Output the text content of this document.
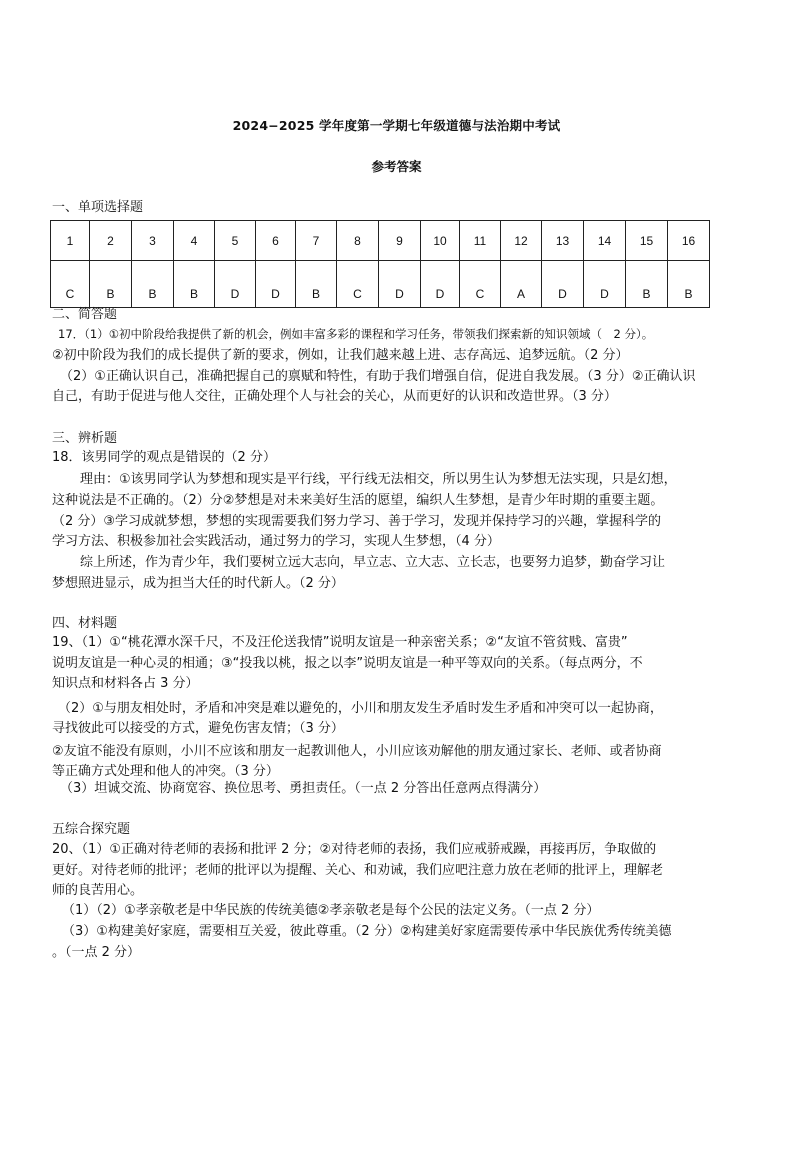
2024−2025 学年度第一学期七年级道德与法治期中考试
参考答案
一、单项选择题
1	2	3	4	5	6	7	8	9	10	11	12	13	14	15	16
C	B	B	B	D	D	B	C	D	D	C	A	D	D	B	B
二、简答题
17．（1）①初中阶段给我提供了新的机会，例如丰富多彩的课程和学习任务，带领我们探索新的知识领域（　2 分）。
②初中阶段为我们的成长提供了新的要求，例如，让我们越来越上进、志存高远、追梦远航。（2 分）
（2）①正确认识自己，准确把握自己的禀赋和特性，有助于我们增强自信，促进自我发展。（3 分）②正确认识
自己，有助于促进与他人交往，正确处理个人与社会的关心，从而更好的认识和改造世界。（3 分）
三、辨析题
18．该男同学的观点是错误的（2 分）
理由：①该男同学认为梦想和现实是平行线，平行线无法相交，所以男生认为梦想无法实现，只是幻想，
这种说法是不正确的。（2）分②梦想是对未来美好生活的愿望，编织人生梦想，是青少年时期的重要主题。
（2 分）③学习成就梦想，梦想的实现需要我们努力学习、善于学习，发现并保持学习的兴趣，掌握科学的
学习方法、积极参加社会实践活动，通过努力的学习，实现人生梦想，（4 分）
综上所述，作为青少年，我们要树立远大志向，早立志、立大志、立长志，也要努力追梦，勤奋学习让
梦想照进显示，成为担当大任的时代新人。（2 分）
四、材料题
19、（1）①“桃花潭水深千尺，不及汪伦送我情”说明友谊是一种亲密关系；②“友谊不管贫贱、富贵”
说明友谊是一种心灵的相通；③“投我以桃，报之以李”说明友谊是一种平等双向的关系。（每点两分，不
知识点和材料各占 3 分）
（2）①与朋友相处时，矛盾和冲突是难以避免的，小川和朋友发生矛盾时发生矛盾和冲突可以一起协商，
寻找彼此可以接受的方式，避免伤害友情；（3 分）
②友谊不能没有原则，小川不应该和朋友一起教训他人，小川应该劝解他的朋友通过家长、老师、或者协商
等正确方式处理和他人的冲突。（3 分）
（3）坦诚交流、协商宽容、换位思考、勇担责任。（一点 2 分答出任意两点得满分）
五综合探究题
20、（1）①正确对待老师的表扬和批评 2 分；②对待老师的表扬，我们应戒骄戒躁，再接再厉，争取做的
更好。对待老师的批评；老师的批评以为提醒、关心、和劝诫，我们应吧注意力放在老师的批评上，理解老
师的良苦用心。
（1）（2）①孝亲敬老是中华民族的传统美德②孝亲敬老是每个公民的法定义务。（一点 2 分）
（3）①构建美好家庭，需要相互关爱，彼此尊重。（2 分）②构建美好家庭需要传承中华民族优秀传统美德
。（一点 2 分）
